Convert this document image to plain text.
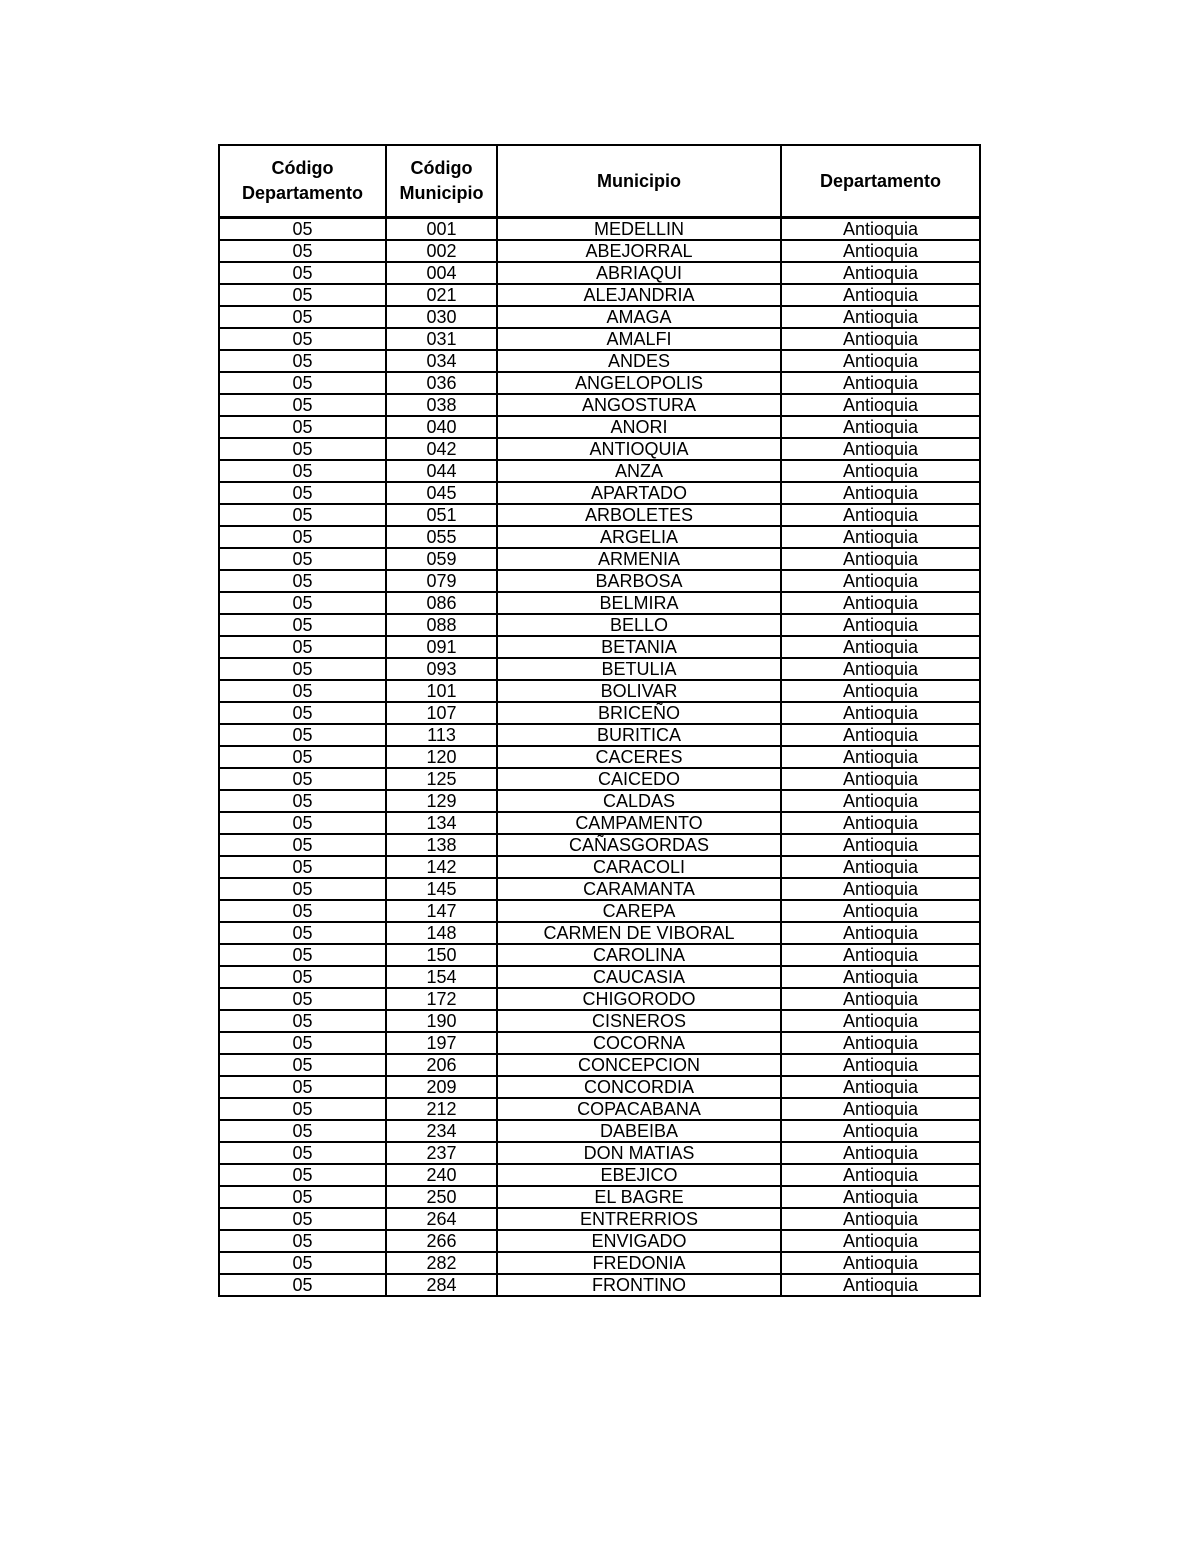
Código Departamento	Código Municipio	Municipio	Departamento
05	001	MEDELLIN	Antioquia
05	002	ABEJORRAL	Antioquia
05	004	ABRIAQUI	Antioquia
05	021	ALEJANDRIA	Antioquia
05	030	AMAGA	Antioquia
05	031	AMALFI	Antioquia
05	034	ANDES	Antioquia
05	036	ANGELOPOLIS	Antioquia
05	038	ANGOSTURA	Antioquia
05	040	ANORI	Antioquia
05	042	ANTIOQUIA	Antioquia
05	044	ANZA	Antioquia
05	045	APARTADO	Antioquia
05	051	ARBOLETES	Antioquia
05	055	ARGELIA	Antioquia
05	059	ARMENIA	Antioquia
05	079	BARBOSA	Antioquia
05	086	BELMIRA	Antioquia
05	088	BELLO	Antioquia
05	091	BETANIA	Antioquia
05	093	BETULIA	Antioquia
05	101	BOLIVAR	Antioquia
05	107	BRICEÑO	Antioquia
05	113	BURITICA	Antioquia
05	120	CACERES	Antioquia
05	125	CAICEDO	Antioquia
05	129	CALDAS	Antioquia
05	134	CAMPAMENTO	Antioquia
05	138	CAÑASGORDAS	Antioquia
05	142	CARACOLI	Antioquia
05	145	CARAMANTA	Antioquia
05	147	CAREPA	Antioquia
05	148	CARMEN DE VIBORAL	Antioquia
05	150	CAROLINA	Antioquia
05	154	CAUCASIA	Antioquia
05	172	CHIGORODO	Antioquia
05	190	CISNEROS	Antioquia
05	197	COCORNA	Antioquia
05	206	CONCEPCION	Antioquia
05	209	CONCORDIA	Antioquia
05	212	COPACABANA	Antioquia
05	234	DABEIBA	Antioquia
05	237	DON MATIAS	Antioquia
05	240	EBEJICO	Antioquia
05	250	EL BAGRE	Antioquia
05	264	ENTRERRIOS	Antioquia
05	266	ENVIGADO	Antioquia
05	282	FREDONIA	Antioquia
05	284	FRONTINO	Antioquia
